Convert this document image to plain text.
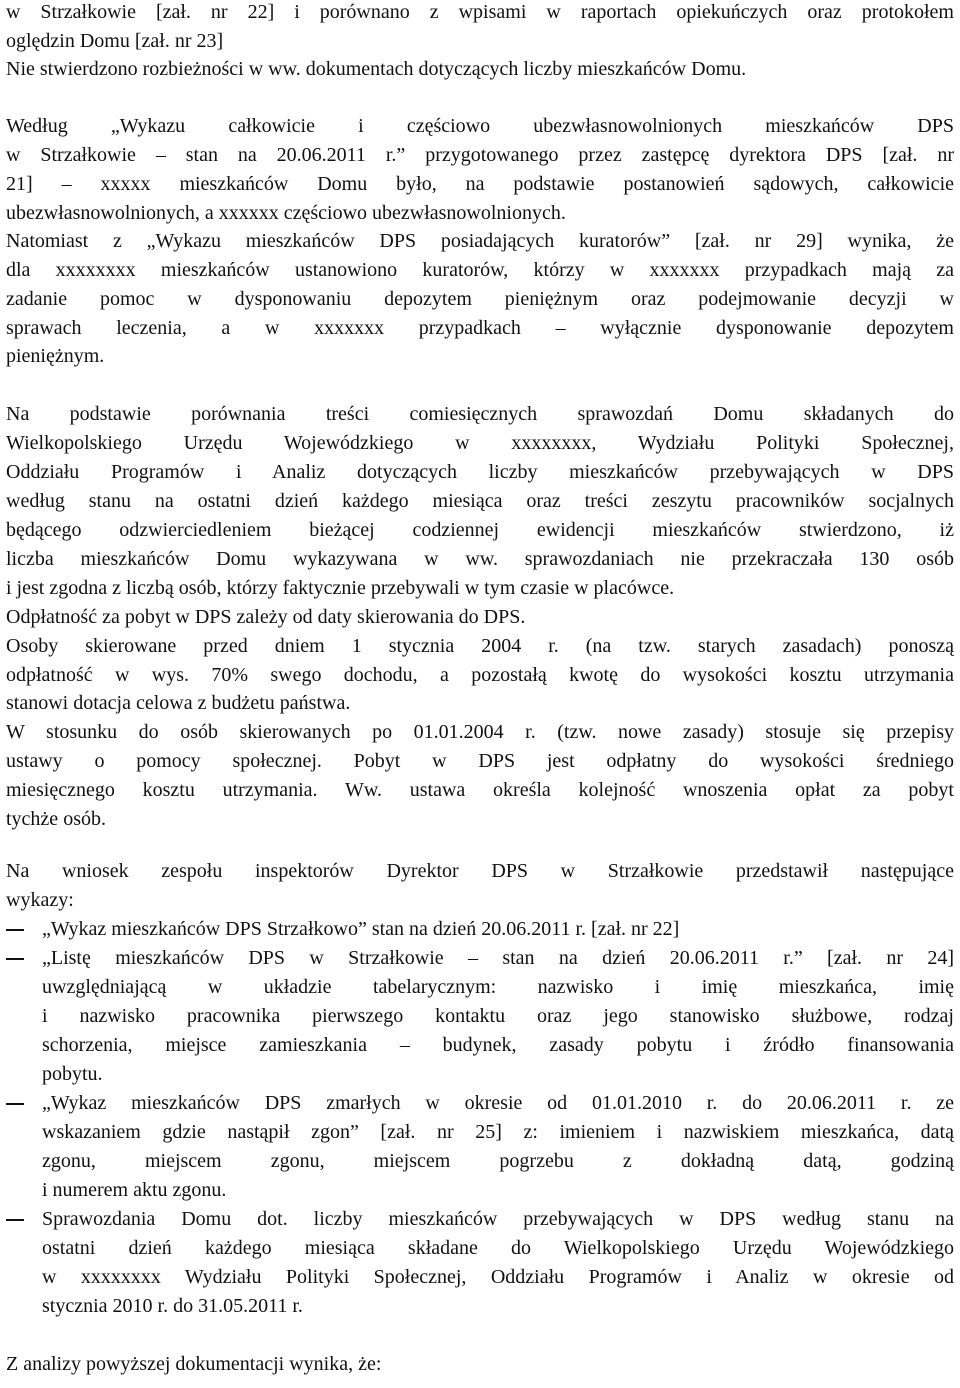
w Strzałkowie [zał. nr 22] i porównano z wpisami w raportach opiekuńczych oraz protokołem
oględzin Domu [zał. nr 23]
Nie stwierdzono rozbieżności w ww. dokumentach dotyczących liczby mieszkańców Domu.
Według „Wykazu całkowicie i częściowo ubezwłasnowolnionych mieszkańców DPS
w Strzałkowie – stan na 20.06.2011 r.” przygotowanego przez zastępcę dyrektora DPS [zał. nr
21] – xxxxx mieszkańców Domu było, na podstawie postanowień sądowych, całkowicie
ubezwłasnowolnionych, a xxxxxx częściowo ubezwłasnowolnionych.
Natomiast z „Wykazu mieszkańców DPS posiadających kuratorów” [zał. nr 29] wynika, że
dla xxxxxxxx mieszkańców ustanowiono kuratorów, którzy w xxxxxxx przypadkach mają za
zadanie pomoc w dysponowaniu depozytem pieniężnym oraz podejmowanie decyzji w
sprawach leczenia, a w xxxxxxx przypadkach – wyłącznie dysponowanie depozytem
pieniężnym.
Na podstawie porównania treści comiesięcznych sprawozdań Domu składanych do
Wielkopolskiego Urzędu Wojewódzkiego w xxxxxxxx, Wydziału Polityki Społecznej,
Oddziału Programów i Analiz dotyczących liczby mieszkańców przebywających w DPS
według stanu na ostatni dzień każdego miesiąca oraz treści zeszytu pracowników socjalnych
będącego odzwierciedleniem bieżącej codziennej ewidencji mieszkańców stwierdzono, iż
liczba mieszkańców Domu wykazywana w ww. sprawozdaniach nie przekraczała 130 osób
i jest zgodna z liczbą osób, którzy faktycznie przebywali w tym czasie w placówce.
Odpłatność za pobyt w DPS zależy od daty skierowania do DPS.
Osoby skierowane przed dniem 1 stycznia 2004 r. (na tzw. starych zasadach) ponoszą
odpłatność w wys. 70% swego dochodu, a pozostałą kwotę do wysokości kosztu utrzymania
stanowi dotacja celowa z budżetu państwa.
W stosunku do osób skierowanych po 01.01.2004 r. (tzw. nowe zasady) stosuje się przepisy
ustawy o pomocy społecznej. Pobyt w DPS jest odpłatny do wysokości średniego
miesięcznego kosztu utrzymania. Ww. ustawa określa kolejność wnoszenia opłat za pobyt
tychże osób.
Na wniosek zespołu inspektorów Dyrektor DPS w Strzałkowie przedstawił następujące
wykazy:
„Wykaz mieszkańców DPS Strzałkowo” stan na dzień 20.06.2011 r. [zał. nr 22]
„Listę mieszkańców DPS w Strzałkowie – stan na dzień 20.06.2011 r.” [zał. nr 24]
uwzględniającą w układzie tabelarycznym: nazwisko i imię mieszkańca, imię
i nazwisko pracownika pierwszego kontaktu oraz jego stanowisko służbowe, rodzaj
schorzenia, miejsce zamieszkania – budynek, zasady pobytu i źródło finansowania
pobytu.
„Wykaz mieszkańców DPS zmarłych w okresie od 01.01.2010 r. do 20.06.2011 r. ze
wskazaniem gdzie nastąpił zgon” [zał. nr 25] z: imieniem i nazwiskiem mieszkańca, datą
zgonu, miejscem zgonu, miejscem pogrzebu z dokładną datą, godziną
i numerem aktu zgonu.
Sprawozdania Domu dot. liczby mieszkańców przebywających w DPS według stanu na
ostatni dzień każdego miesiąca składane do Wielkopolskiego Urzędu Wojewódzkiego
w xxxxxxxx Wydziału Polityki Społecznej, Oddziału Programów i Analiz w okresie od
stycznia 2010 r. do 31.05.2011 r.
Z analizy powyższej dokumentacji wynika, że:
